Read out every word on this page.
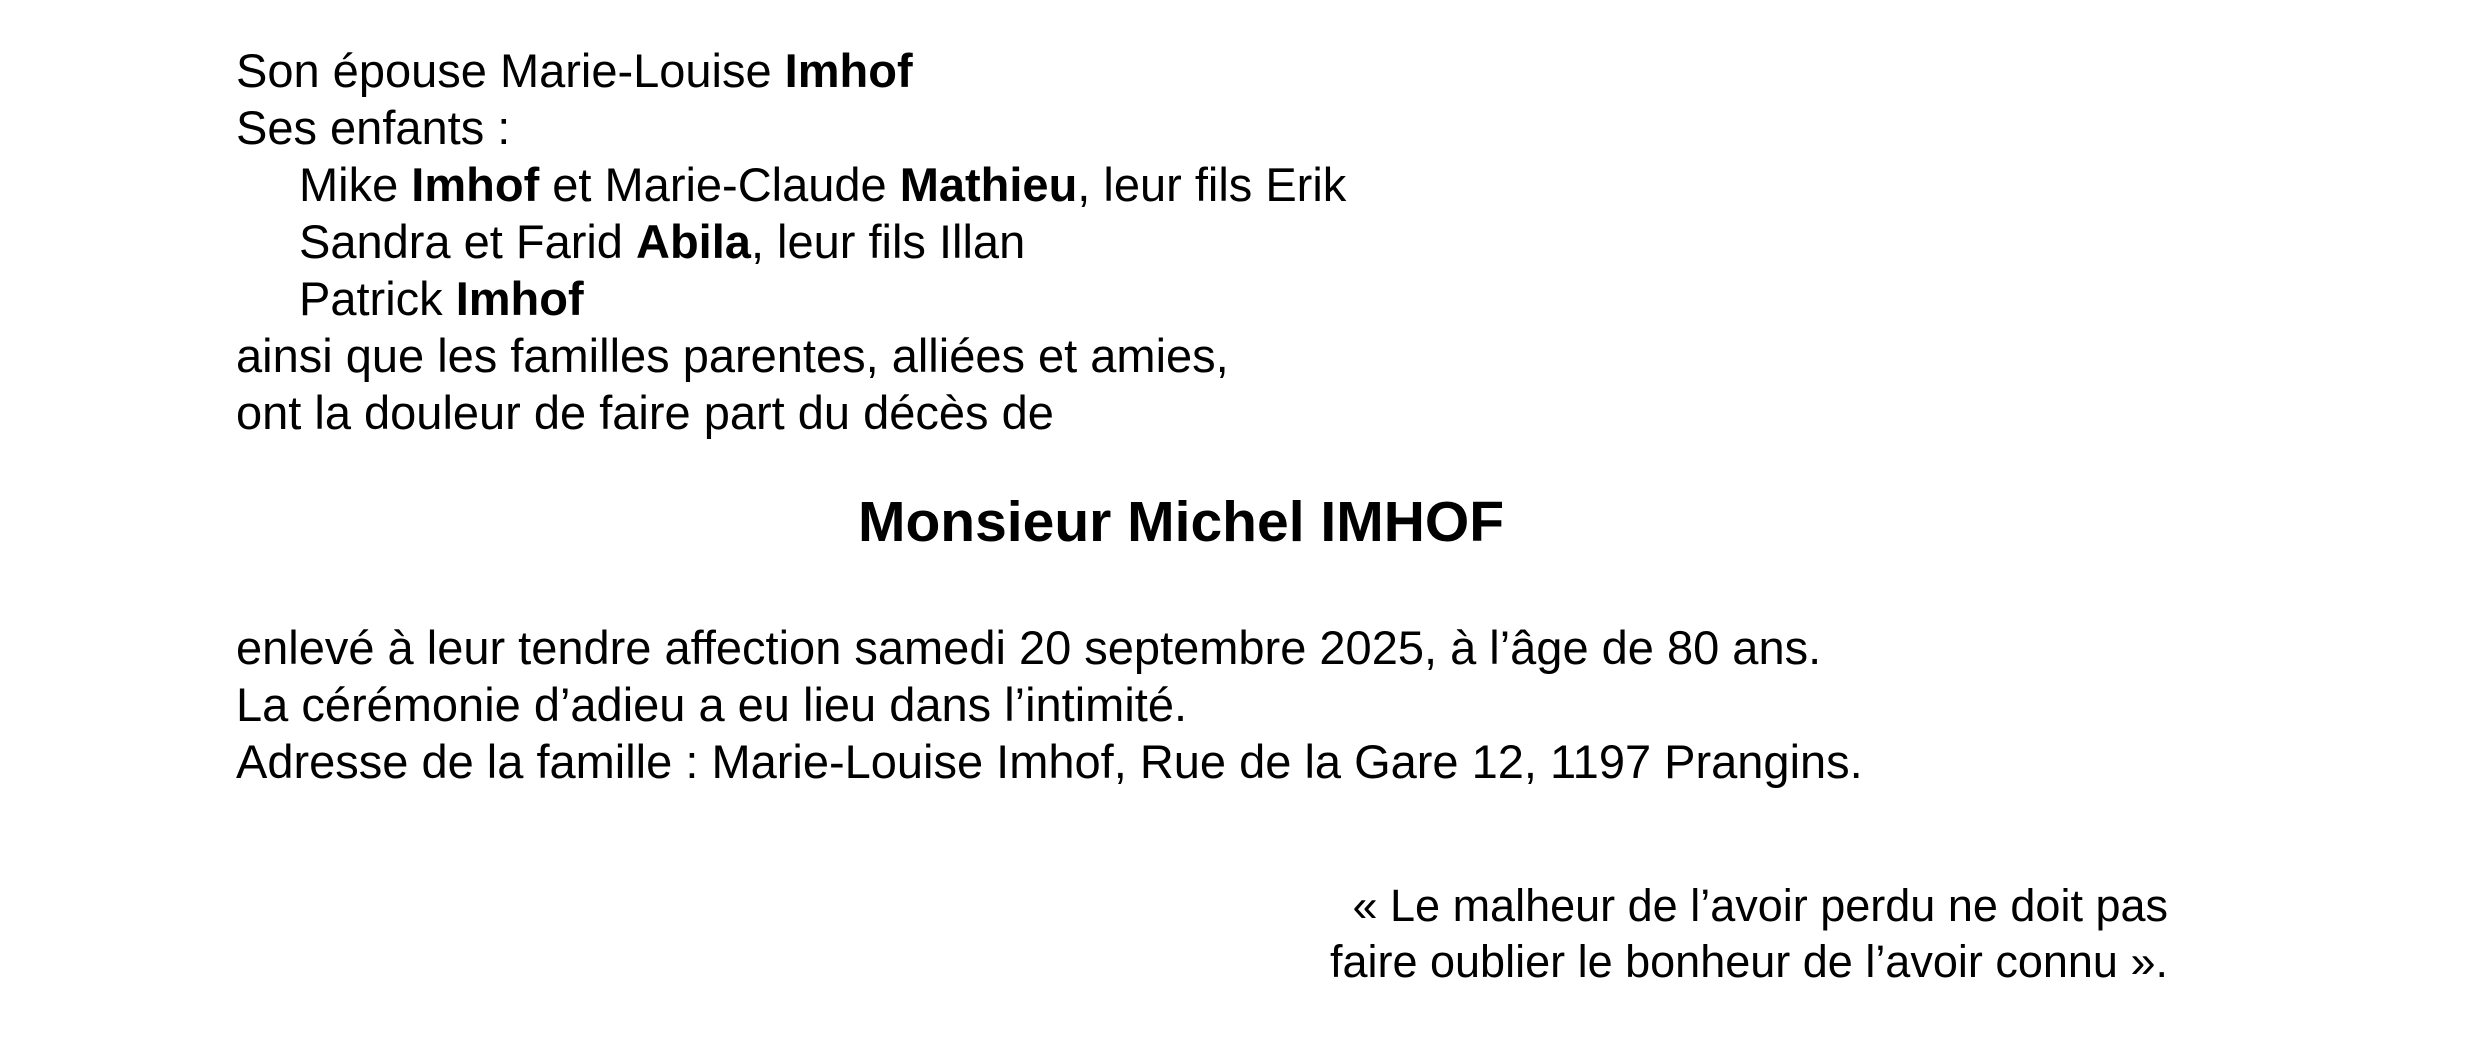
Son épouse Marie-Louise Imhof
Ses enfants :
Mike Imhof et Marie-Claude Mathieu, leur fils Erik
Sandra et Farid Abila, leur fils Illan
Patrick Imhof
ainsi que les familles parentes, alliées et amies,
ont la douleur de faire part du décès de
Monsieur Michel IMHOF
enlevé à leur tendre affection samedi 20 septembre 2025, à l’âge de 80 ans.
La cérémonie d’adieu a eu lieu dans l’intimité.
Adresse de la famille : Marie-Louise Imhof, Rue de la Gare 12, 1197 Prangins.
« Le malheur de l’avoir perdu ne doit pas
faire oublier le bonheur de l’avoir connu ».
